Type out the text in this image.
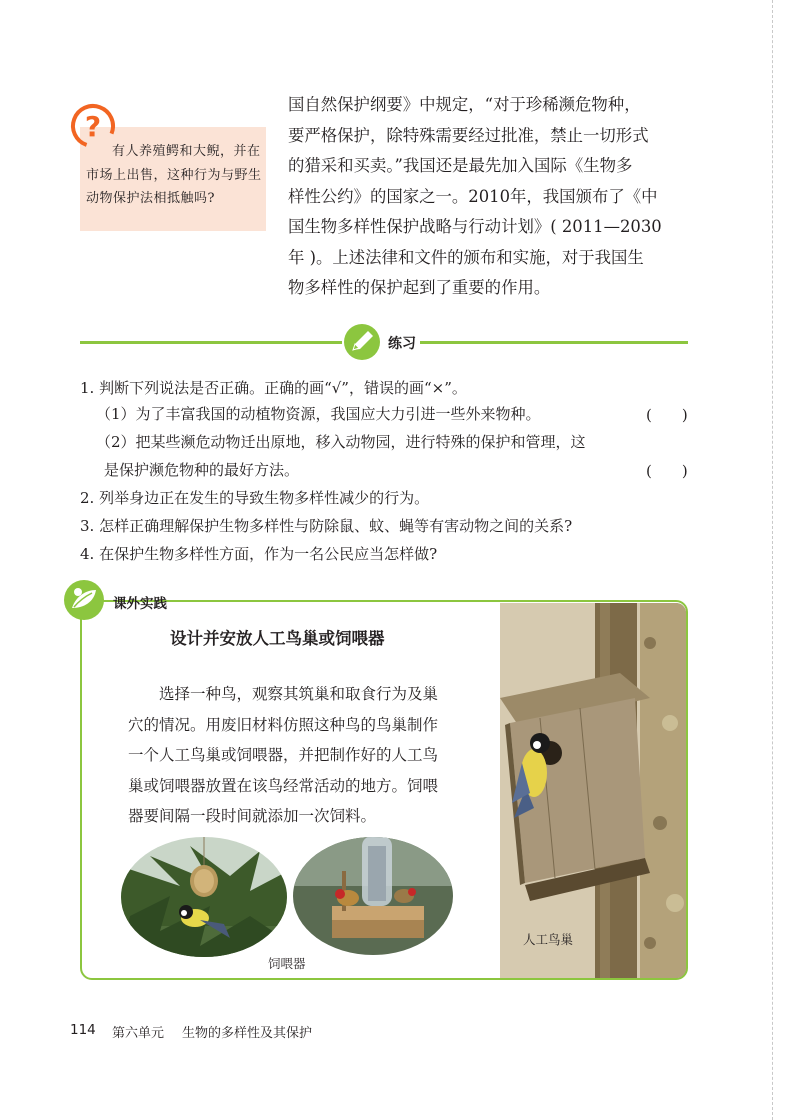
?
有人养殖鳄和大鲵，并在市场上出售，这种行为与野生动物保护法相抵触吗?
国自然保护纲要》中规定，“对于珍稀濒危物种，
要严格保护，除特殊需要经过批准，禁止一切形式
的猎采和买卖。”我国还是最先加入国际《生物多
样性公约》的国家之一。2010年，我国颁布了《中
国生物多样性保护战略与行动计划》( 2011—2030
年 )。上述法律和文件的颁布和实施，对于我国生
物多样性的保护起到了重要的作用。
练习
1. 判断下列说法是否正确。正确的画“√”，错误的画“×”。
（1）为了丰富我国的动植物资源，我国应大力引进一些外来物种。	(　　)
（2）把某些濒危动物迁出原地，移入动物园，进行特殊的保护和管理，这
是保护濒危物种的最好方法。	(　　)
2. 列举身边正在发生的导致生物多样性减少的行为。
3. 怎样正确理解保护生物多样性与防除鼠、蚊、蝇等有害动物之间的关系?
4. 在保护生物多样性方面，作为一名公民应当怎样做?
课外实践
设计并安放人工鸟巢或饲喂器
选择一种鸟，观察其筑巢和取食行为及巢
穴的情况。用废旧材料仿照这种鸟的鸟巢制作
一个人工鸟巢或饲喂器，并把制作好的人工鸟
巢或饲喂器放置在该鸟经常活动的地方。饲喂
器要间隔一段时间就添加一次饲料。
饲喂器
人工鸟巢
114 第六单元 生物的多样性及其保护
